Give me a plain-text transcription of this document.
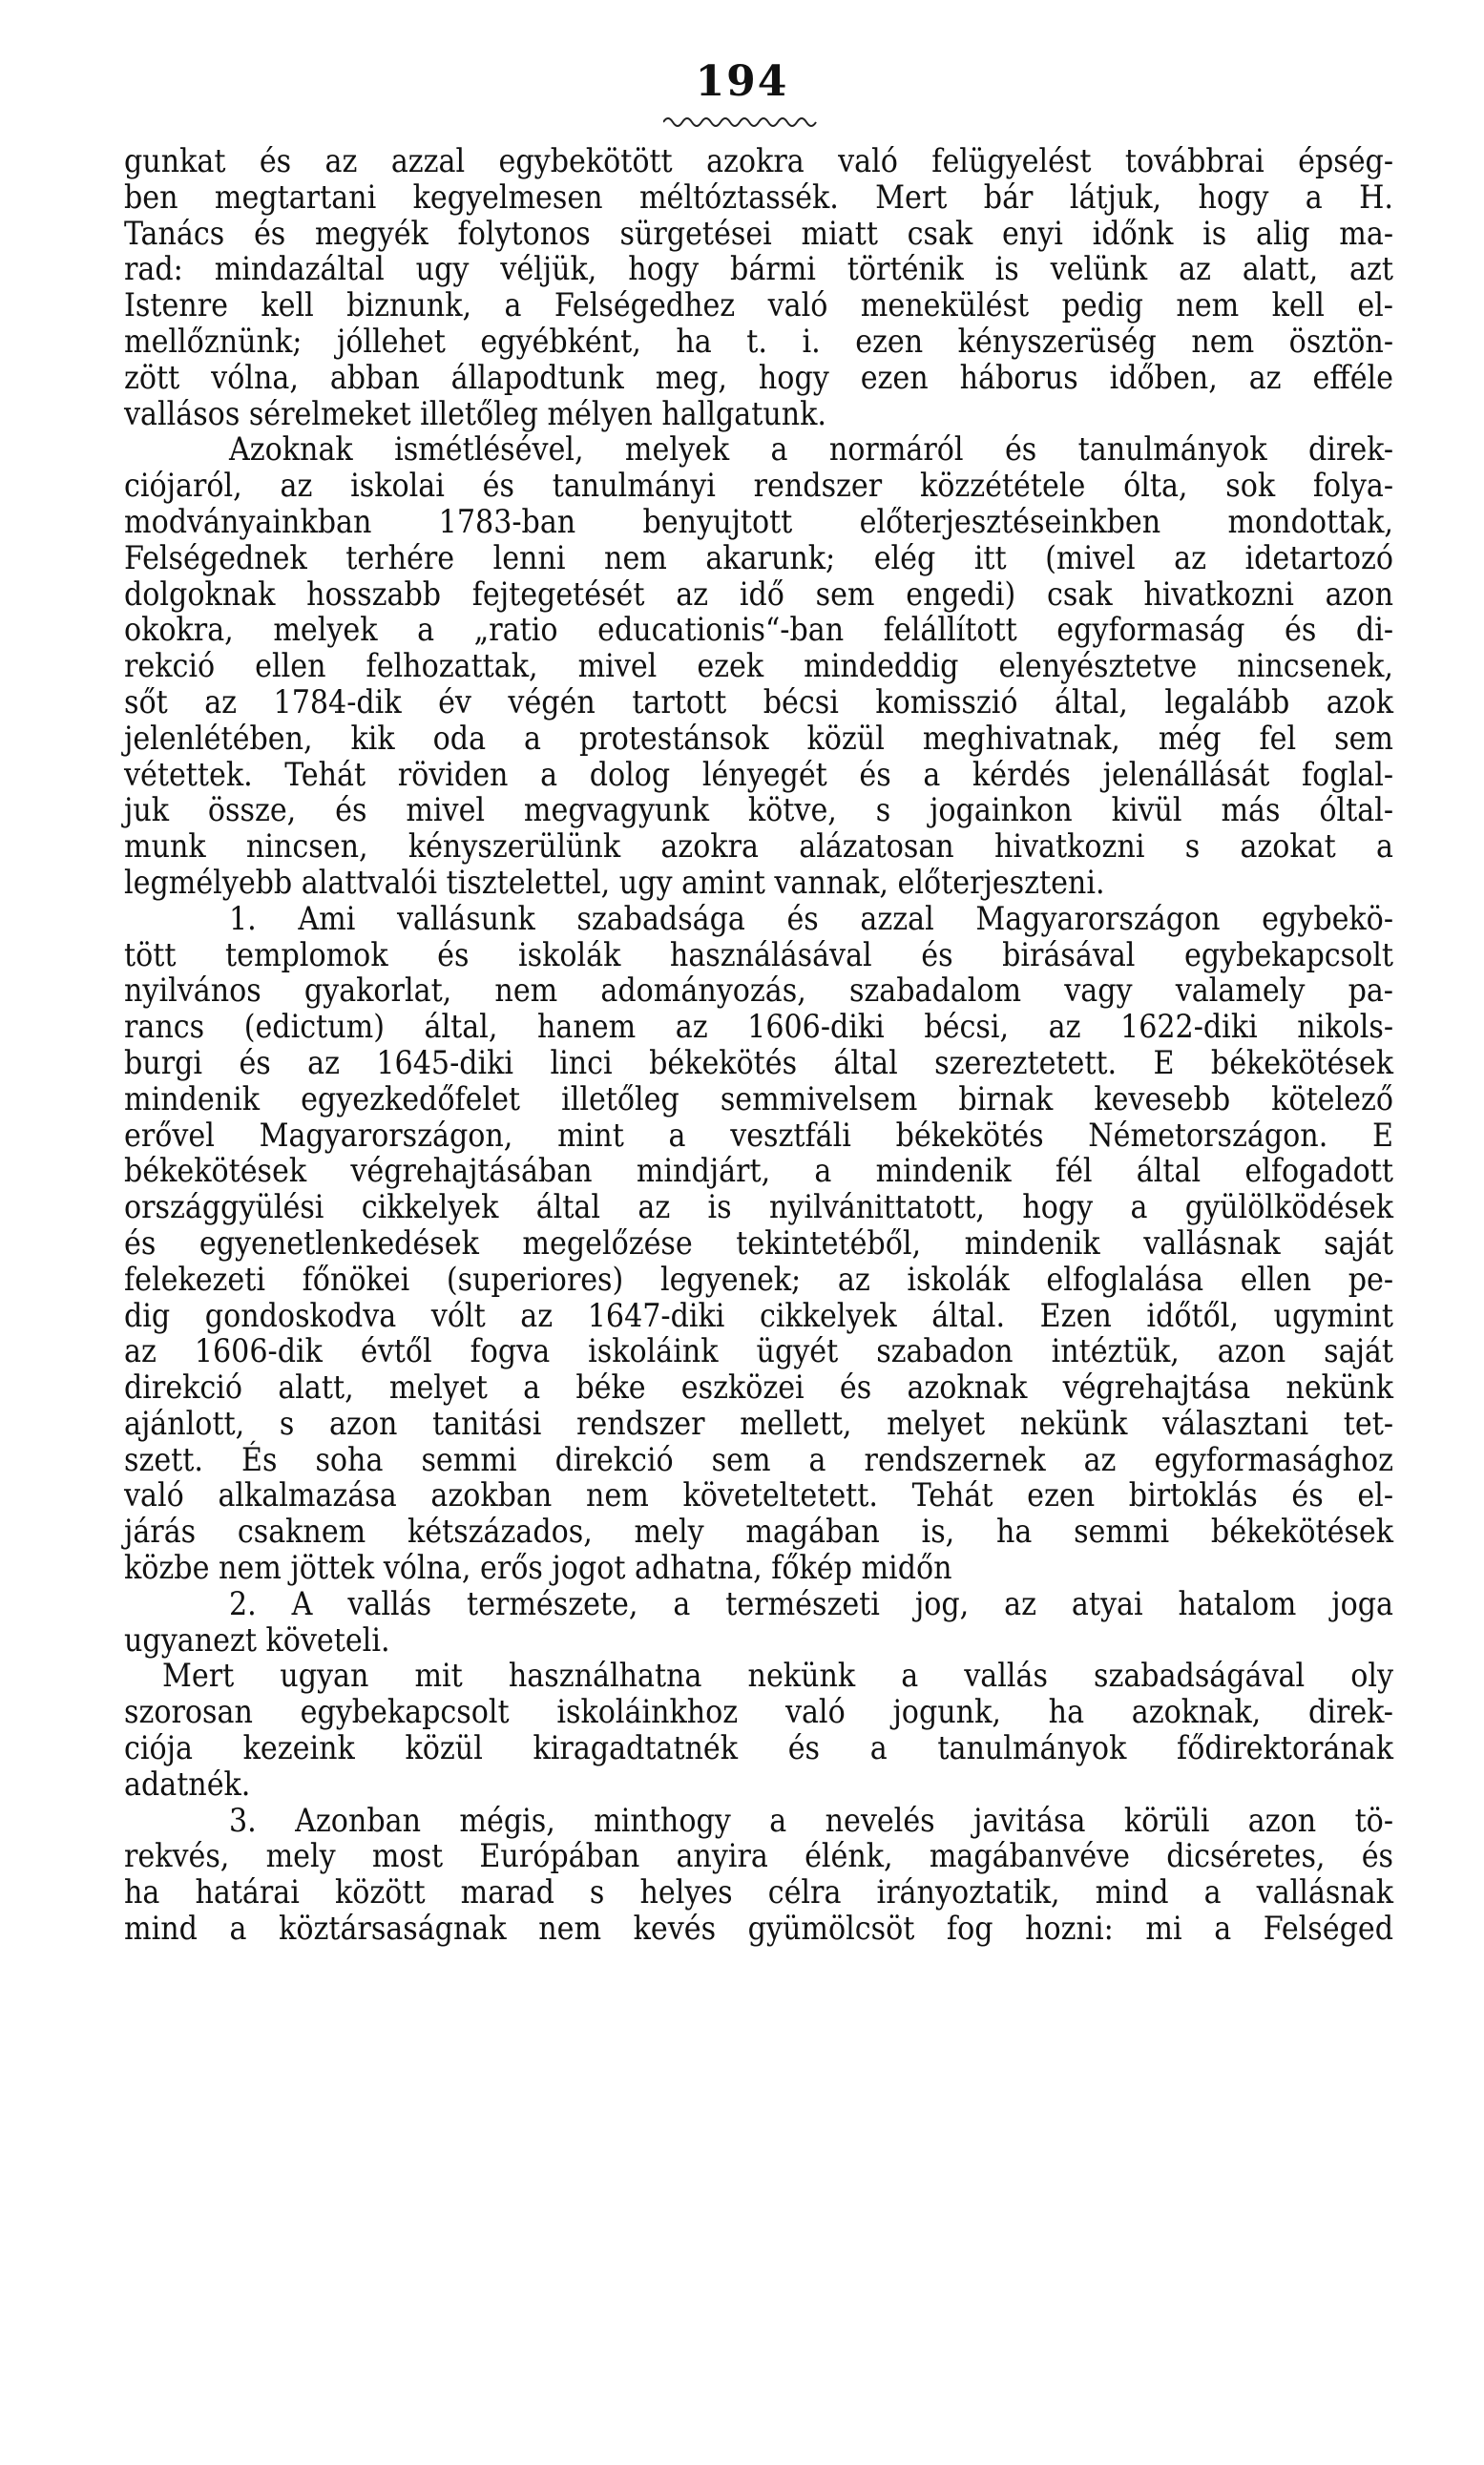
194
gunkat és az azzal egybekötött azokra való felügyelést továbbrai épség-
ben megtartani kegyelmesen méltóztassék. Mert bár látjuk, hogy a H.
Tanács és megyék folytonos sürgetései miatt csak enyi időnk is alig ma-
rad: mindazáltal ugy véljük, hogy bármi történik is velünk az alatt, azt
Istenre kell biznunk, a Felségedhez való menekülést pedig nem kell el-
mellőznünk; jóllehet egyébként, ha t. i. ezen kényszerüség nem ösztön-
zött vólna, abban állapodtunk meg, hogy ezen háborus időben, az efféle
vallásos sérelmeket illetőleg mélyen hallgatunk.
Azoknak ismétlésével, melyek a normáról és tanulmányok direk-
ciójaról, az iskolai és tanulmányi rendszer közzététele ólta, sok folya-
modványainkban 1783-ban benyujtott előterjesztéseinkben mondottak,
Felségednek terhére lenni nem akarunk; elég itt (mivel az idetartozó
dolgoknak hosszabb fejtegetését az idő sem engedi) csak hivatkozni azon
okokra, melyek a „ratio educationis“-ban felállított egyformaság és di-
rekció ellen felhozattak, mivel ezek mindeddig elenyésztetve nincsenek,
sőt az 1784-dik év végén tartott bécsi komissziό által, legalább azok
jelenlétében, kik oda a protestánsok közül meghivatnak, még fel sem
vétettek. Tehát röviden a dolog lényegét és a kérdés jelenállását foglal-
juk össze, és mivel megvagyunk kötve, s jogainkon kivül más óltal-
munk nincsen, kényszerülünk azokra alázatosan hivatkozni s azokat a
legmélyebb alattvalói tisztelettel, ugy amint vannak, előterjeszteni.
1. Ami vallásunk szabadsága és azzal Magyarországon egybekö-
tött templomok és iskolák használásával és birásával egybekapcsolt
nyilvános gyakorlat, nem adományozás, szabadalom vagy valamely pa-
rancs (edictum) által, hanem az 1606-diki bécsi, az 1622-diki nikols-
burgi és az 1645-diki linci békekötés által szereztetett. E békekötések
mindenik egyezkedőfelet illetőleg semmivelsem birnak kevesebb kötelező
erővel Magyarországon, mint a vesztfáli békekötés Németországon. E
békekötések végrehajtásában mindjárt, a mindenik fél által elfogadott
országgyülési cikkelyek által az is nyilvánittatott, hogy a gyülölködések
és egyenetlenkedések megelőzése tekintetéből, mindenik vallásnak saját
felekezeti főnökei (superiores) legyenek; az iskolák elfoglalása ellen pe-
dig gondoskodva vólt az 1647-diki cikkelyek által. Ezen időtől, ugymint
az 1606-dik évtől fogva iskoláink ügyét szabadon intéztük, azon saját
direkció alatt, melyet a béke eszközei és azoknak végrehajtása nekünk
ajánlott, s azon tanitási rendszer mellett, melyet nekünk választani tet-
szett. És soha semmi direkció sem a rendszernek az egyformasághoz
való alkalmazása azokban nem követeltetett. Tehát ezen birtoklás és el-
járás csaknem kétszázados, mely magában is, ha semmi békekötések
közbe nem jöttek vólna, erős jogot adhatna, főkép midőn
2. A vallás természete, a természeti jog, az atyai hatalom joga
ugyanezt követeli.
Mert ugyan mit használhatna nekünk a vallás szabadságával oly
szorosan egybekapcsolt iskoláinkhoz való jogunk, ha azoknak, direk-
ciója kezeink közül kiragadtatnék és a tanulmányok fődirektorának
adatnék.
3. Azonban mégis, minthogy a nevelés javitása körüli azon tö-
rekvés, mely most Európában anyira élénk, magábanvéve dicséretes, és
ha határai között marad s helyes célra irányoztatik, mind a vallásnak
mind a köztársaságnak nem kevés gyümölcsöt fog hozni: mi a Felséged
